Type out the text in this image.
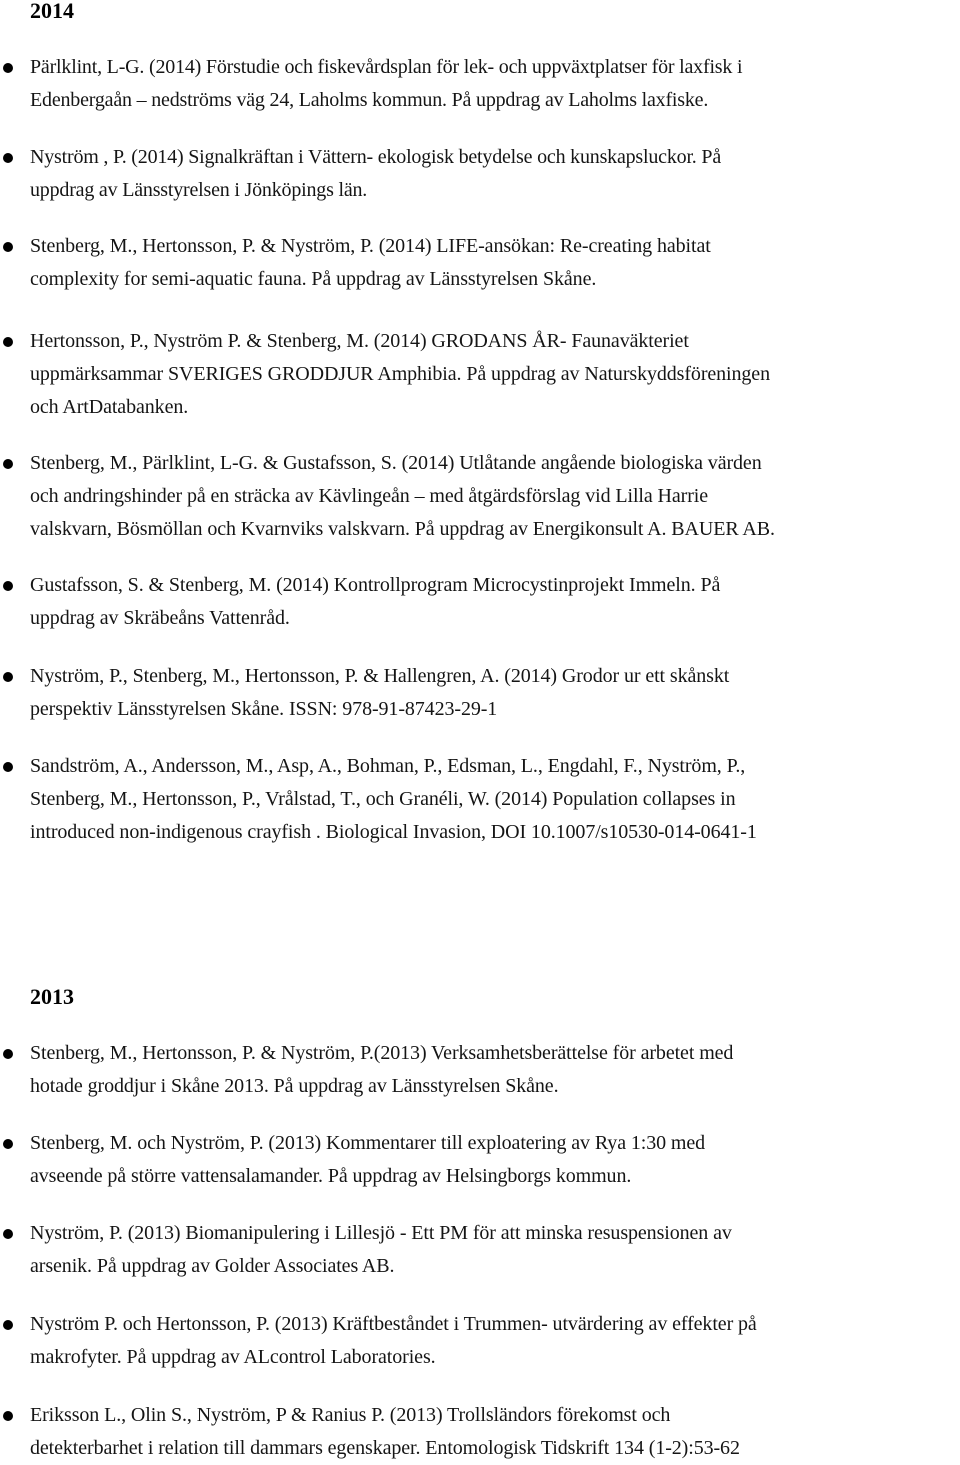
2014
Pärlklint, L-G. (2014) Förstudie och fiskevårdsplan för lek- och uppväxtplatser för laxfisk i
Edenbergaån – nedströms väg 24, Laholms kommun. På uppdrag av Laholms laxfiske.
Nyström , P. (2014) Signalkräftan i Vättern- ekologisk betydelse och kunskapsluckor. På
uppdrag av Länsstyrelsen i Jönköpings län.
Stenberg, M., Hertonsson, P. & Nyström, P. (2014) LIFE-ansökan: Re-creating habitat
complexity for semi-aquatic fauna. På uppdrag av Länsstyrelsen Skåne.
Hertonsson, P., Nyström P. & Stenberg, M. (2014) GRODANS ÅR- Faunaväkteriet
uppmärksammar SVERIGES GRODDJUR Amphibia. På uppdrag av Naturskyddsföreningen
och ArtDatabanken.
Stenberg, M., Pärlklint, L-G. & Gustafsson, S. (2014) Utlåtande angående biologiska värden
och andringshinder på en sträcka av Kävlingeån – med åtgärdsförslag vid Lilla Harrie
valskvarn, Bösmöllan och Kvarnviks valskvarn. På uppdrag av Energikonsult A. BAUER AB.
Gustafsson, S. & Stenberg, M. (2014) Kontrollprogram Microcystinprojekt Immeln. På
uppdrag av Skräbeåns Vattenråd.
Nyström, P., Stenberg, M., Hertonsson, P. & Hallengren, A. (2014) Grodor ur ett skånskt
perspektiv Länsstyrelsen Skåne. ISSN: 978-91-87423-29-1
Sandström, A., Andersson, M., Asp, A., Bohman, P., Edsman, L., Engdahl, F., Nyström, P.,
Stenberg, M., Hertonsson, P., Vrålstad, T., och Granéli, W. (2014) Population collapses in
introduced non-indigenous crayfish . Biological Invasion, DOI 10.1007/s10530-014-0641-1
2013
Stenberg, M., Hertonsson, P. & Nyström, P.(2013) Verksamhetsberättelse för arbetet med
hotade groddjur i Skåne 2013. På uppdrag av Länsstyrelsen Skåne.
Stenberg, M. och Nyström, P. (2013) Kommentarer till exploatering av Rya 1:30 med
avseende på större vattensalamander. På uppdrag av Helsingborgs kommun.
Nyström, P. (2013) Biomanipulering i Lillesjö - Ett PM för att minska resuspensionen av
arsenik. På uppdrag av Golder Associates AB.
Nyström P. och Hertonsson, P. (2013) Kräftbeståndet i Trummen- utvärdering av effekter på
makrofyter. På uppdrag av ALcontrol Laboratories.
Eriksson L., Olin S., Nyström, P & Ranius P. (2013) Trollsländors förekomst och
detekterbarhet i relation till dammars egenskaper. Entomologisk Tidskrift 134 (1-2):53-62
